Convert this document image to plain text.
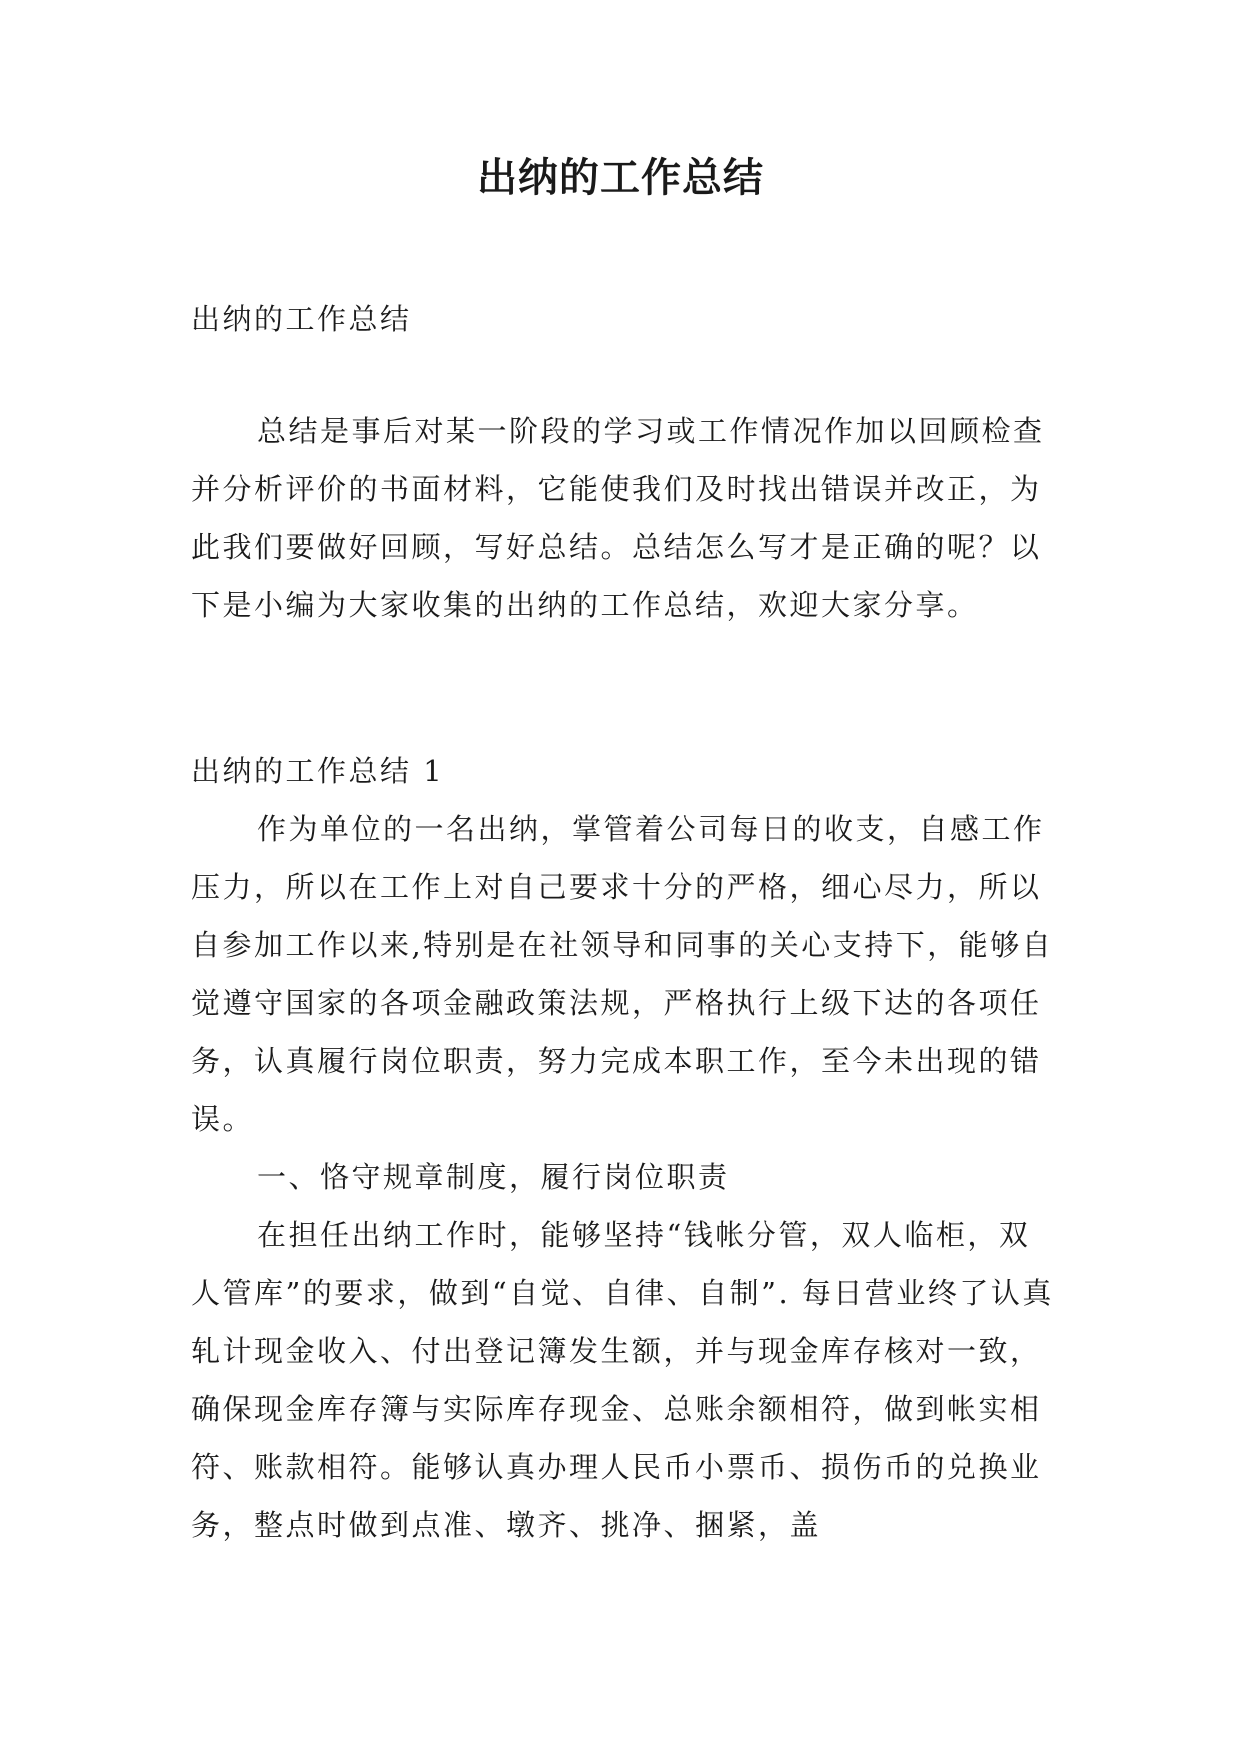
出纳的工作总结

出纳的工作总结

总结是事后对某一阶段的学习或工作情况作加以回顾检查并分析评价的书面材料，它能使我们及时找出错误并改正，为此我们要做好回顾，写好总结。总结怎么写才是正确的呢？以下是小编为大家收集的出纳的工作总结，欢迎大家分享。

出纳的工作总结 1

作为单位的一名出纳，掌管着公司每日的收支，自感工作压力，所以在工作上对自己要求十分的严格，细心尽力，所以自参加工作以来,特别是在社领导和同事的关心支持下，能够自觉遵守国家的各项金融政策法规，严格执行上级下达的各项任务，认真履行岗位职责，努力完成本职工作，至今未出现的错误。

一、恪守规章制度，履行岗位职责

在担任出纳工作时，能够坚持“钱帐分管，双人临柜，双人管库”的要求，做到“自觉、自律、自制”. 每日营业终了认真轧计现金收入、付出登记簿发生额，并与现金库存核对一致，确保现金库存簿与实际库存现金、总账余额相符，做到帐实相符、账款相符。能够认真办理人民币小票币、损伤币的兑换业务，整点时做到点准、墩齐、挑净、捆紧，盖
